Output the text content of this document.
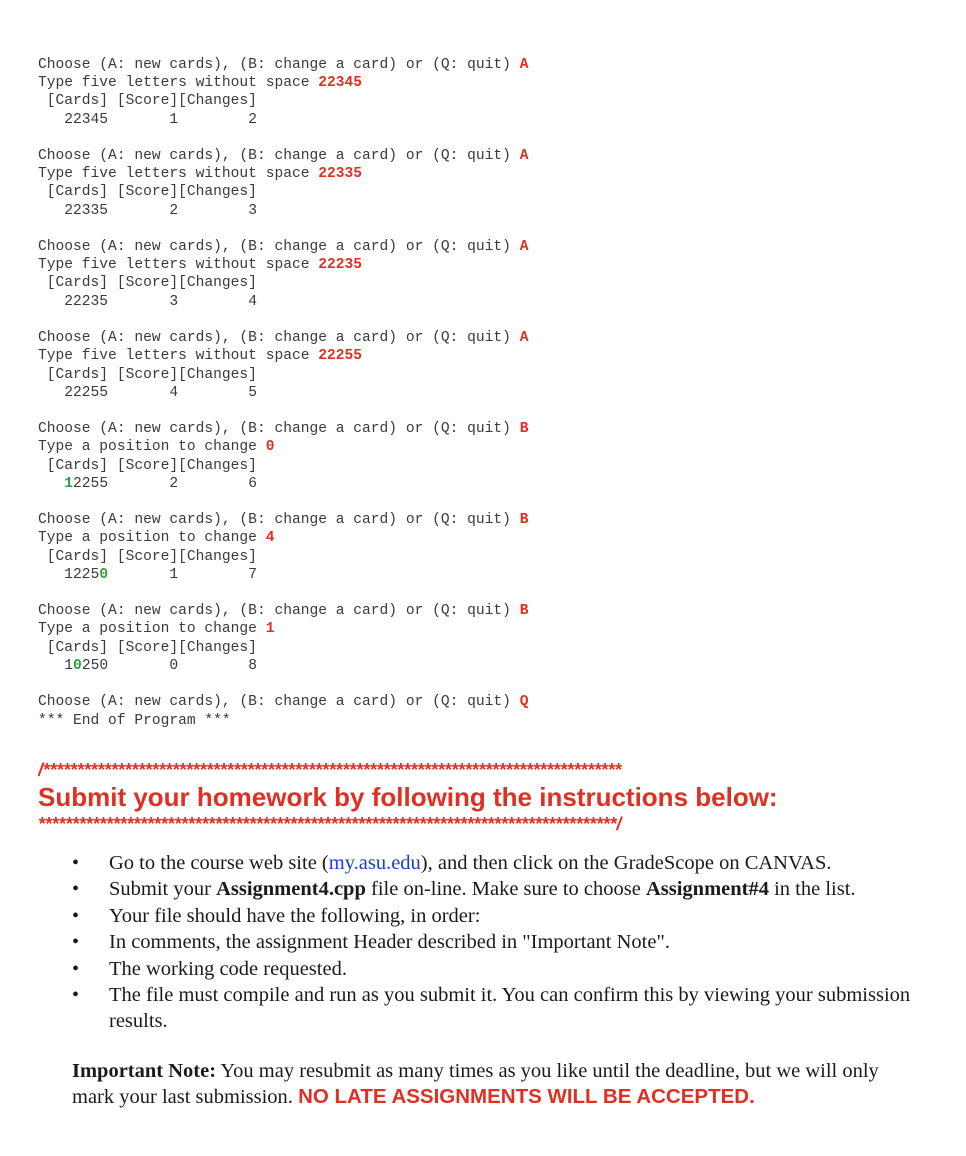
Choose (A: new cards), (B: change a card) or (Q: quit) A
Type five letters without space 22345
[Cards] [Score][Changes]
22345	1	2
Choose (A: new cards), (B: change a card) or (Q: quit) A
Type five letters without space 22335
[Cards] [Score][Changes]
22335	2	3
Choose (A: new cards), (B: change a card) or (Q: quit) A
Type five letters without space 22235
[Cards] [Score][Changes]
22235	3	4
Choose (A: new cards), (B: change a card) or (Q: quit) A
Type five letters without space 22255
[Cards] [Score][Changes]
22255	4	5
Choose (A: new cards), (B: change a card) or (Q: quit) B
Type a position to change 0
[Cards] [Score][Changes]
12255	2	6
Choose (A: new cards), (B: change a card) or (Q: quit) B
Type a position to change 4
[Cards] [Score][Changes]
12250	1	7
Choose (A: new cards), (B: change a card) or (Q: quit) B
Type a position to change 1
[Cards] [Score][Changes]
10250	0	8
Choose (A: new cards), (B: change a card) or (Q: quit) Q
*** End of Program ***
/*************************************************************************************
Submit your homework by following the instructions below:
*************************************************************************************/
• Go to the course web site (my.asu.edu), and then click on the GradeScope on CANVAS.
• Submit your Assignment4.cpp file on-line. Make sure to choose Assignment#4 in the list.
• Your file should have the following, in order:
• In comments, the assignment Header described in "Important Note".
• The working code requested.
• The file must compile and run as you submit it. You can confirm this by viewing your submission results.
Important Note: You may resubmit as many times as you like until the deadline, but we will only mark your last submission. NO LATE ASSIGNMENTS WILL BE ACCEPTED.
